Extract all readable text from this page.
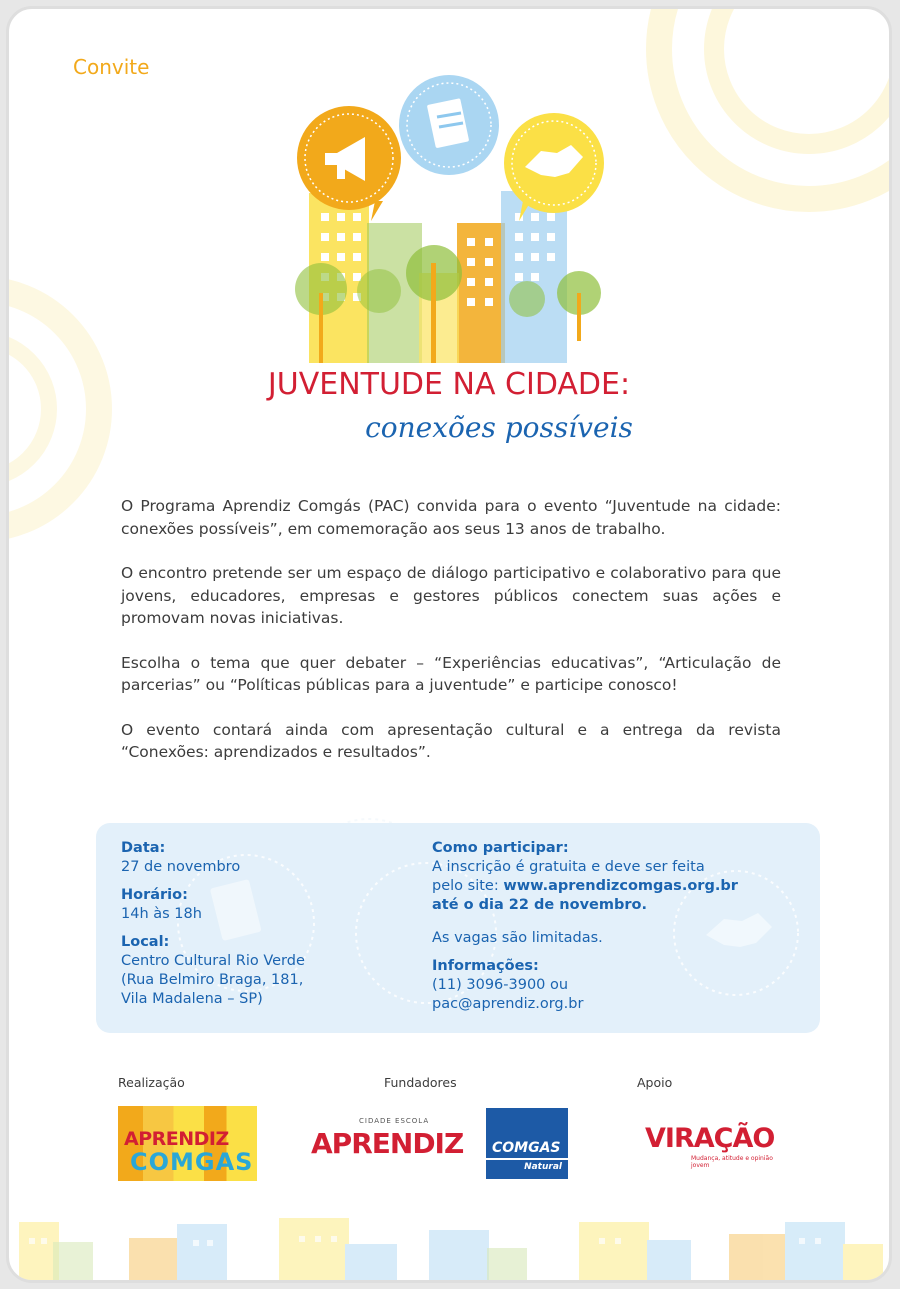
Convite
JUVENTUDE NA CIDADE:
conexões possíveis

O Programa Aprendiz Comgás (PAC) convida para o evento “Juventude na cidade: conexões possíveis”, em comemoração aos seus 13 anos de trabalho.

O encontro pretende ser um espaço de diálogo participativo e colaborativo para que jovens, educadores, empresas e gestores públicos conectem suas ações e promovam novas iniciativas.

Escolha o tema que quer debater – “Experiências educativas”, “Articulação de parcerias” ou “Políticas públicas para a juventude” e participe conosco!

O evento contará ainda com apresentação cultural e a entrega da revista “Conexões: aprendizados e resultados”.

Data:
27 de novembro
Horário:
14h às 18h
Local:
Centro Cultural Rio Verde
(Rua Belmiro Braga, 181,
Vila Madalena – SP)
Como participar:
A inscrição é gratuita e deve ser feita
pelo site: www.aprendizcomgas.org.br
até o dia 22 de novembro.
As vagas são limitadas.
Informações:
(11) 3096-3900 ou
pac@aprendiz.org.br
Realização	Fundadores	Apoio
APRENDIZ
COMGAS
CIDADE ESCOLA
APRENDIZ COMGAS
Natural
VIRAÇÃO
Mudança, atitude e opinião jovem
